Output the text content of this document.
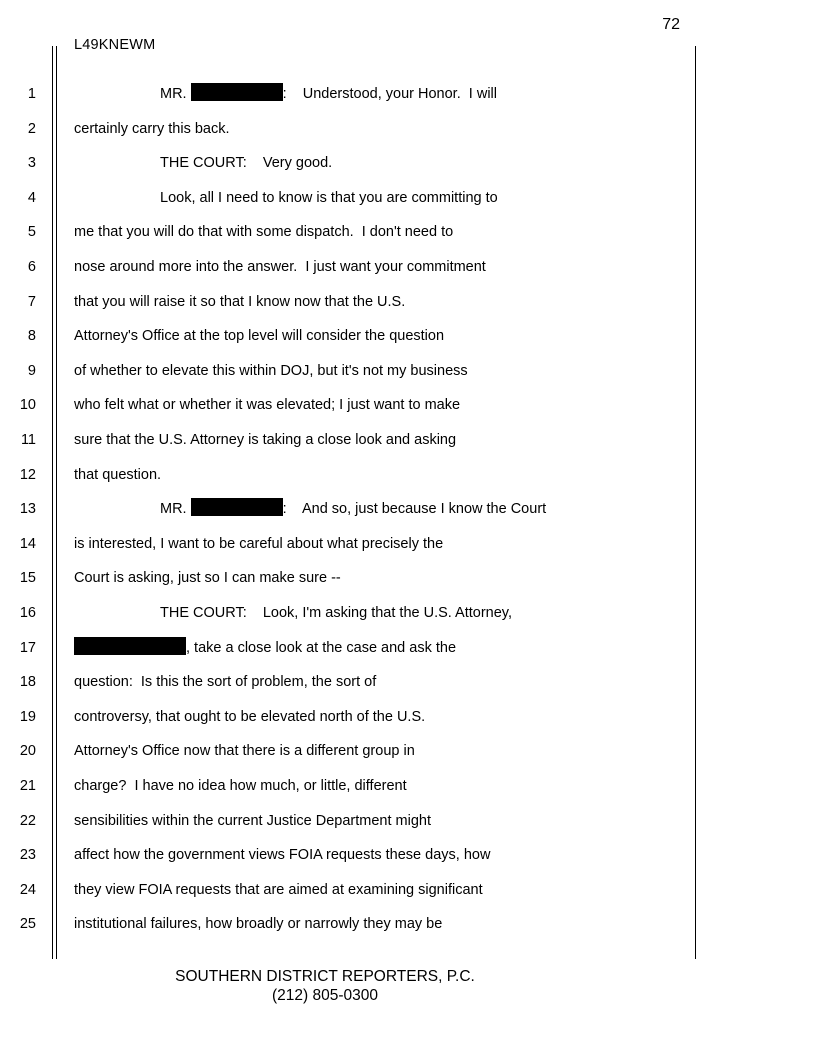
72
L49KNEWM
1	MR.	:    Understood, your Honor.  I will
2	certainly carry this back.
3	THE COURT:    Very good.
4	Look, all I need to know is that you are committing to
5	me that you will do that with some dispatch.  I don't need to
6	nose around more into the answer.  I just want your commitment
7	that you will raise it so that I know now that the U.S.
8	Attorney's Office at the top level will consider the question
9	of whether to elevate this within DOJ, but it's not my business
10	who felt what or whether it was elevated; I just want to make
11	sure that the U.S. Attorney is taking a close look and asking
12	that question.
13	MR.	:    And so, just because I know the Court
14	is interested, I want to be careful about what precisely the
15	Court is asking, just so I can make sure --
16	THE COURT:    Look, I'm asking that the U.S. Attorney,
17	, take a close look at the case and ask the
18	question:  Is this the sort of problem, the sort of
19	controversy, that ought to be elevated north of the U.S.
20	Attorney's Office now that there is a different group in
21	charge?  I have no idea how much, or little, different
22	sensibilities within the current Justice Department might
23	affect how the government views FOIA requests these days, how
24	they view FOIA requests that are aimed at examining significant
25	institutional failures, how broadly or narrowly they may be
SOUTHERN DISTRICT REPORTERS, P.C.
(212) 805-0300
